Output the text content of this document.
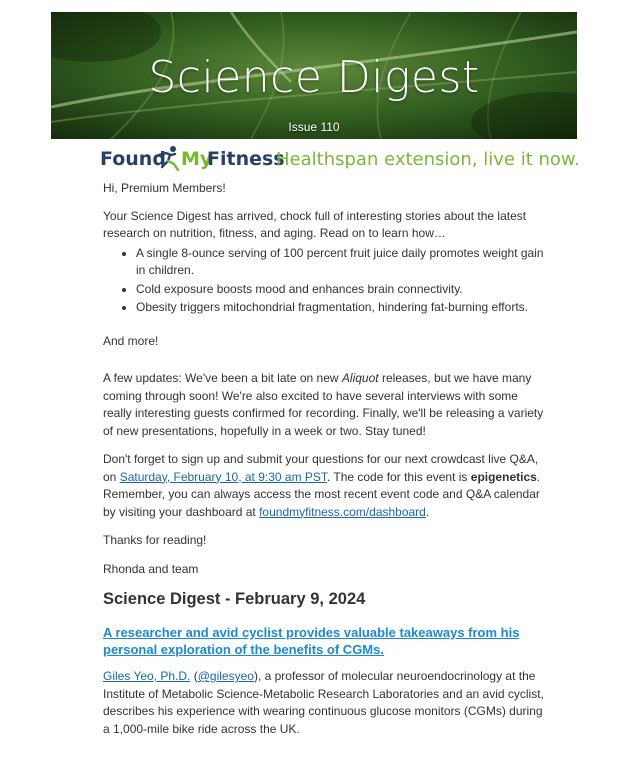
Science Digest
Issue 110
Found My
Fitness
Healthspan extension, live it now.

Hi, Premium Members!

Your Science Digest has arrived, chock full of interesting stories about the latest research on nutrition, fitness, and aging. Read on to learn how…

• A single 8-ounce serving of 100 percent fruit juice daily promotes weight gain in children.
• Cold exposure boosts mood and enhances brain connectivity.
• Obesity triggers mitochondrial fragmentation, hindering fat-burning efforts.

And more!

A few updates: We've been a bit late on new Aliquot releases, but we have many coming through soon! We're also excited to have several interviews with some really interesting guests confirmed for recording. Finally, we'll be releasing a variety of new presentations, hopefully in a week or two. Stay tuned!

Don't forget to sign up and submit your questions for our next crowdcast live Q&A, on Saturday, February 10, at 9:30 am PST. The code for this event is epigenetics. Remember, you can always access the most recent event code and Q&A calendar by visiting your dashboard at foundmyfitness.com/dashboard.

Thanks for reading!

Rhonda and team

Science Digest - February 9, 2024
A researcher and avid cyclist provides valuable takeaways from his personal exploration of the benefits of CGMs.

Giles Yeo, Ph.D. (@gilesyeo), a professor of molecular neuroendocrinology at the Institute of Metabolic Science-Metabolic Research Laboratories and an avid cyclist, describes his experience with wearing continuous glucose monitors (CGMs) during a 1,000-mile bike ride across the UK.
